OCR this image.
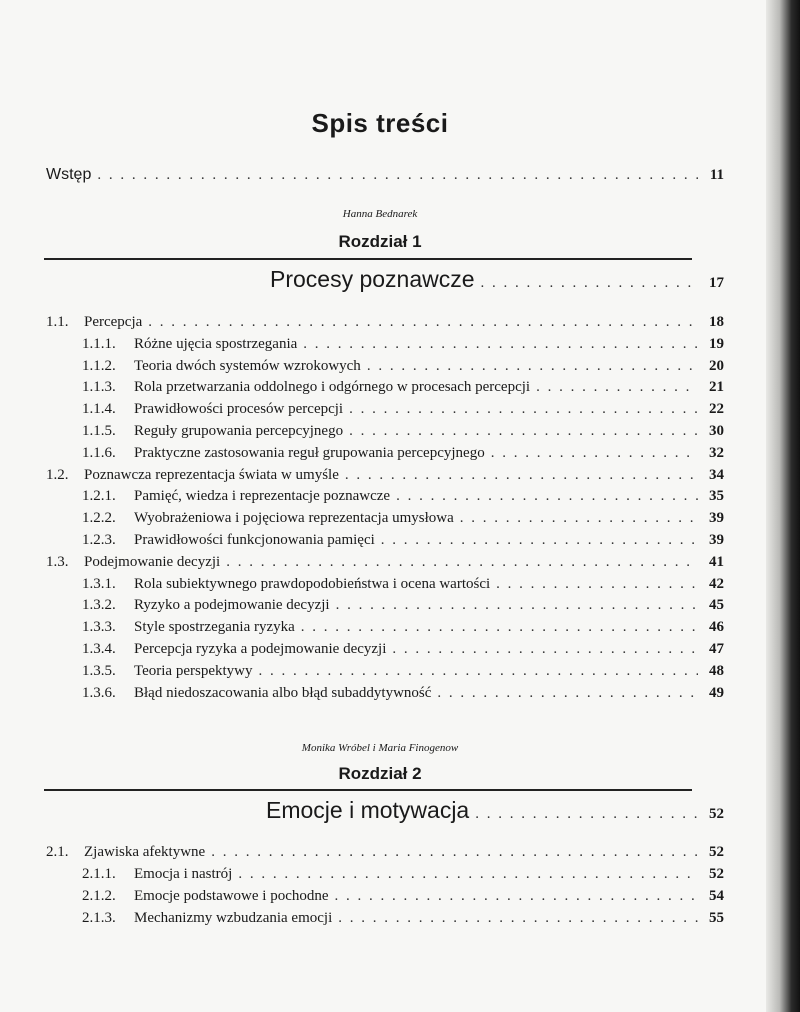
Spis treści
Wstęp . . .	11
Hanna Bednarek
Rozdział 1
Procesy poznawcze . . .	17
1.1.	Percepcja . . .	18
1.1.1.	Różne ujęcia spostrzegania . . .	19
1.1.2.	Teoria dwóch systemów wzrokowych . . .	20
1.1.3.	Rola przetwarzania oddolnego i odgórnego w procesach percepcji . . .	21
1.1.4.	Prawidłowości procesów percepcji . . .	22
1.1.5.	Reguły grupowania percepcyjnego . . .	30
1.1.6.	Praktyczne zastosowania reguł grupowania percepcyjnego . . .	32
1.2.	Poznawcza reprezentacja świata w umyśle . . .	34
1.2.1.	Pamięć, wiedza i reprezentacje poznawcze . . .	35
1.2.2.	Wyobrażeniowa i pojęciowa reprezentacja umysłowa . . .	39
1.2.3.	Prawidłowości funkcjonowania pamięci . . .	39
1.3.	Podejmowanie decyzji . . .	41
1.3.1.	Rola subiektywnego prawdopodobieństwa i ocena wartości . . .	42
1.3.2.	Ryzyko a podejmowanie decyzji . . .	45
1.3.3.	Style spostrzegania ryzyka . . .	46
1.3.4.	Percepcja ryzyka a podejmowanie decyzji . . .	47
1.3.5.	Teoria perspektywy . . .	48
1.3.6.	Błąd niedoszacowania albo błąd subaddytywność . . .	49
Monika Wróbel i Maria Finogenow
Rozdział 2
Emocje i motywacja . . .	52
2.1.	Zjawiska afektywne . . .	52
2.1.1.	Emocja i nastrój . . .	52
2.1.2.	Emocje podstawowe i pochodne . . .	54
2.1.3.	Mechanizmy wzbudzania emocji . . .	55
